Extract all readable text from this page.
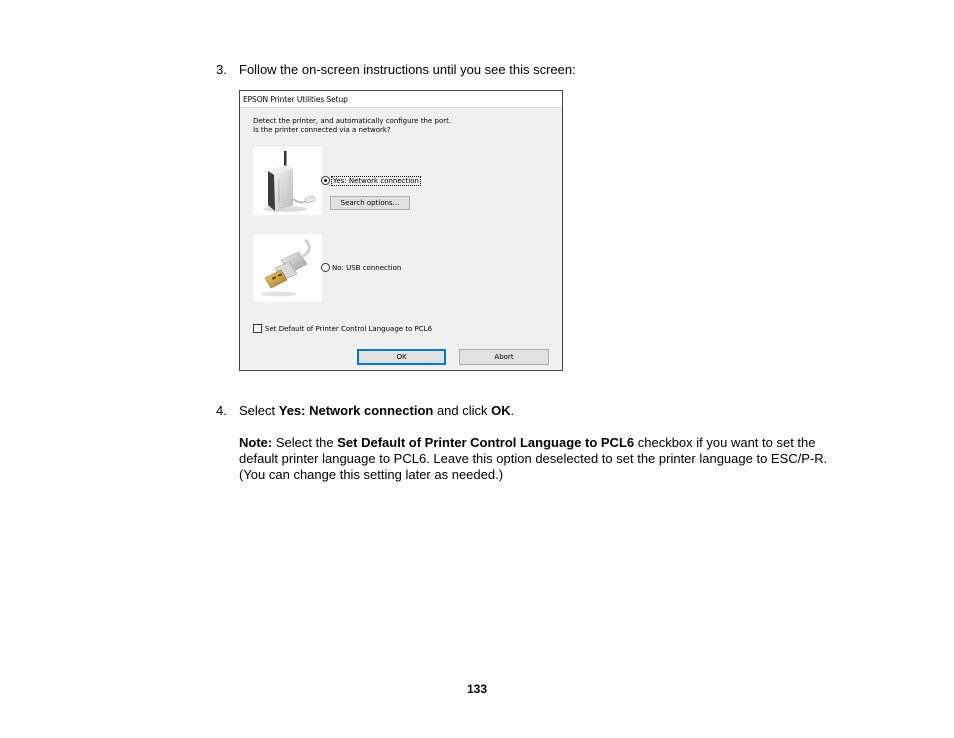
3. Follow the on-screen instructions until you see this screen:
EPSON Printer Utilities Setup
Detect the printer, and automatically configure the port.
Is the printer connected via a network?
Yes: Network connection
Search options...
No: USB connection
Set Default of Printer Control Language to PCL6
OK	Abort
4. Select Yes: Network connection and click OK.
Note: Select the Set Default of Printer Control Language to PCL6 checkbox if you want to set the default printer language to PCL6. Leave this option deselected to set the printer language to ESC/P-R. (You can change this setting later as needed.)
133
